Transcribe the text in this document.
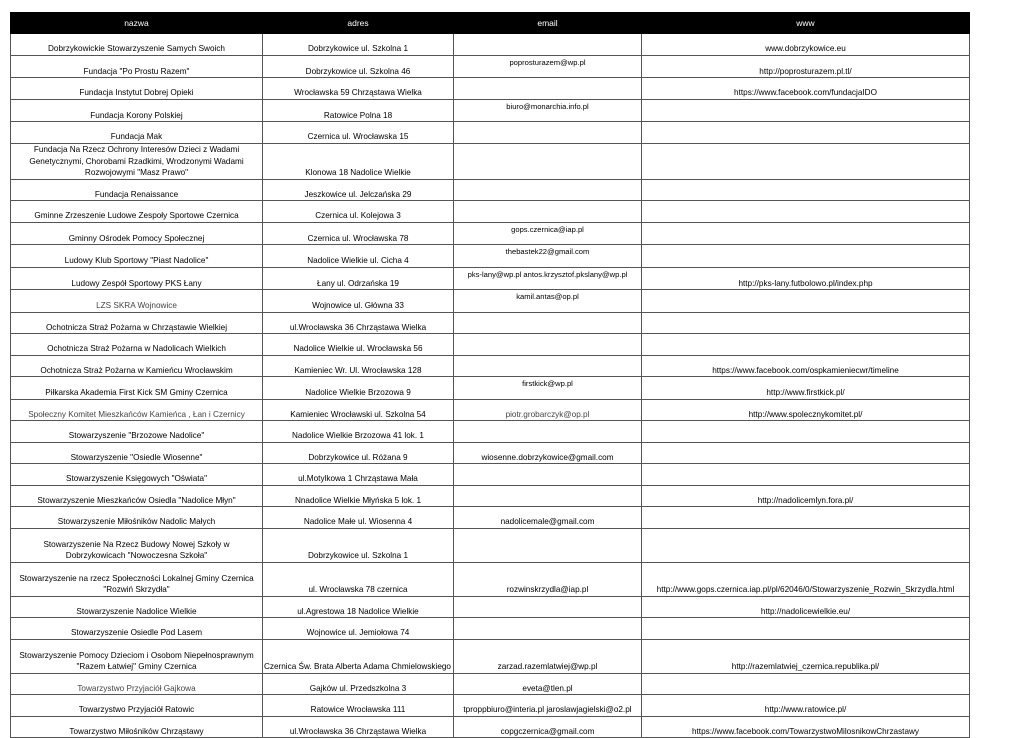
nazwa	adres	email	www
Dobrzykowickie Stowarzyszenie Samych Swoich	Dobrzykowice ul. Szkolna 1		www.dobrzykowice.eu
Fundacja "Po Prostu Razem"	Dobrzykowice ul. Szkolna 46	poprosturazem@wp.pl	http://poprosturazem.pl.tl/
Fundacja Instytut Dobrej Opieki	Wrocławska 59 Chrząstawa Wielka		https://www.facebook.com/fundacjaIDO
Fundacja Korony Polskiej	Ratowice Polna 18	biuro@monarchia.info.pl	
Fundacja Mak	Czernica ul. Wrocławska 15		
Fundacja Na Rzecz Ochrony Interesów Dzieci z Wadami Genetycznymi, Chorobami Rzadkimi, Wrodzonymi Wadami Rozwojowymi "Masz Prawo"	Klonowa 18 Nadolice Wielkie		
Fundacja Renaissance	Jeszkowice ul. Jelczańska 29		
Gminne Zrzeszenie Ludowe Zespoły Sportowe Czernica	Czernica ul. Kolejowa 3		
Gminny Ośrodek Pomocy Społecznej	Czernica ul. Wrocławska 78	gops.czernica@iap.pl	
Ludowy Klub Sportowy "Piast Nadolice"	Nadolice Wielkie ul. Cicha 4	thebastek22@gmail.com	
Ludowy Zespół Sportowy PKS Łany	Łany ul. Odrzańska 19	pks-lany@wp.pl antos.krzysztof.pkslany@wp.pl	http://pks-lany.futbolowo.pl/index.php
LZS SKRA Wojnowice	Wojnowice ul. Główna 33	kamil.antas@op.pl	
Ochotnicza Straż Pożarna w Chrząstawie Wielkiej	ul.Wrocławska 36 Chrząstawa Wielka		
Ochotnicza Straż Pożarna w Nadolicach Wielkich	Nadolice Wielkie ul. Wrocławska 56		
Ochotnicza Straż Pożarna w Kamieńcu Wrocławskim	Kamieniec Wr. Ul. Wrocławska 128		https://www.facebook.com/ospkamieniecwr/timeline
Piłkarska Akademia First Kick SM Gminy Czernica	Nadolice Wielkie Brzozowa 9	firstkick@wp.pl	http://www.firstkick.pl/
Społeczny Komitet Mieszkańców Kamieńca , Łan i Czernicy	Kamieniec Wrocławski ul. Szkolna 54	piotr.grobarczyk@op.pl	http://www.spolecznykomitet.pl/
Stowarzyszenie "Brzozowe Nadolice"	Nadolice Wielkie Brzozowa 41 lok. 1		
Stowarzyszenie "Osiedle Wiosenne"	Dobrzykowice ul. Różana 9	wiosenne.dobrzykowice@gmail.com	
Stowarzyszenie Księgowych "Oświata"	ul.Motylkowa 1 Chrząstawa Mała		
Stowarzyszenie Mieszkańców Osiedla "Nadolice Młyn"	Nnadolice Wielkie Młyńska 5 lok. 1		http://nadolicemlyn.fora.pl/
Stowarzyszenie Miłośników Nadolic Małych	Nadolice Małe ul. Wiosenna 4	nadolicemale@gmail.com	
Stowarzyszenie Na Rzecz Budowy Nowej Szkoły w Dobrzykowicach "Nowoczesna Szkoła"	Dobrzykowice ul. Szkolna 1		
Stowarzyszenie na rzecz Społeczności Lokalnej Gminy Czernica "Rozwiń Skrzydła"	ul. Wrocławska 78 czernica	rozwinskrzydla@iap.pl	http://www.gops.czernica.iap.pl/pl/62046/0/Stowarzyszenie_Rozwin_Skrzydla.html
Stowarzyszenie Nadolice Wielkie	ul.Agrestowa 18 Nadolice Wielkie		http://nadolicewielkie.eu/
Stowarzyszenie Osiedle Pod Lasem	Wojnowice ul. Jemiołowa 74		
Stowarzyszenie Pomocy Dzieciom i Osobom Niepełnosprawnym "Razem Łatwiej" Gminy Czernica	Czernica Św. Brata Alberta Adama Chmielowskiego	zarzad.razemlatwiej@wp.pl	http://razemlatwiej_czernica.republika.pl/
Towarzystwo Przyjaciół Gajkowa	Gajków ul. Przedszkolna 3	eveta@tlen.pl	
Towarzystwo Przyjaciół Ratowic	Ratowice Wrocławska 111	tproppbiuro@interia.pl jaroslawjagielski@o2.pl	http://www.ratowice.pl/
Towarzystwo Miłośników Chrząstawy	ul.Wrocławska 36 Chrząstawa Wielka	copgczernica@gmail.com	https://www.facebook.com/TowarzystwoMilosnikowChrzastawy
